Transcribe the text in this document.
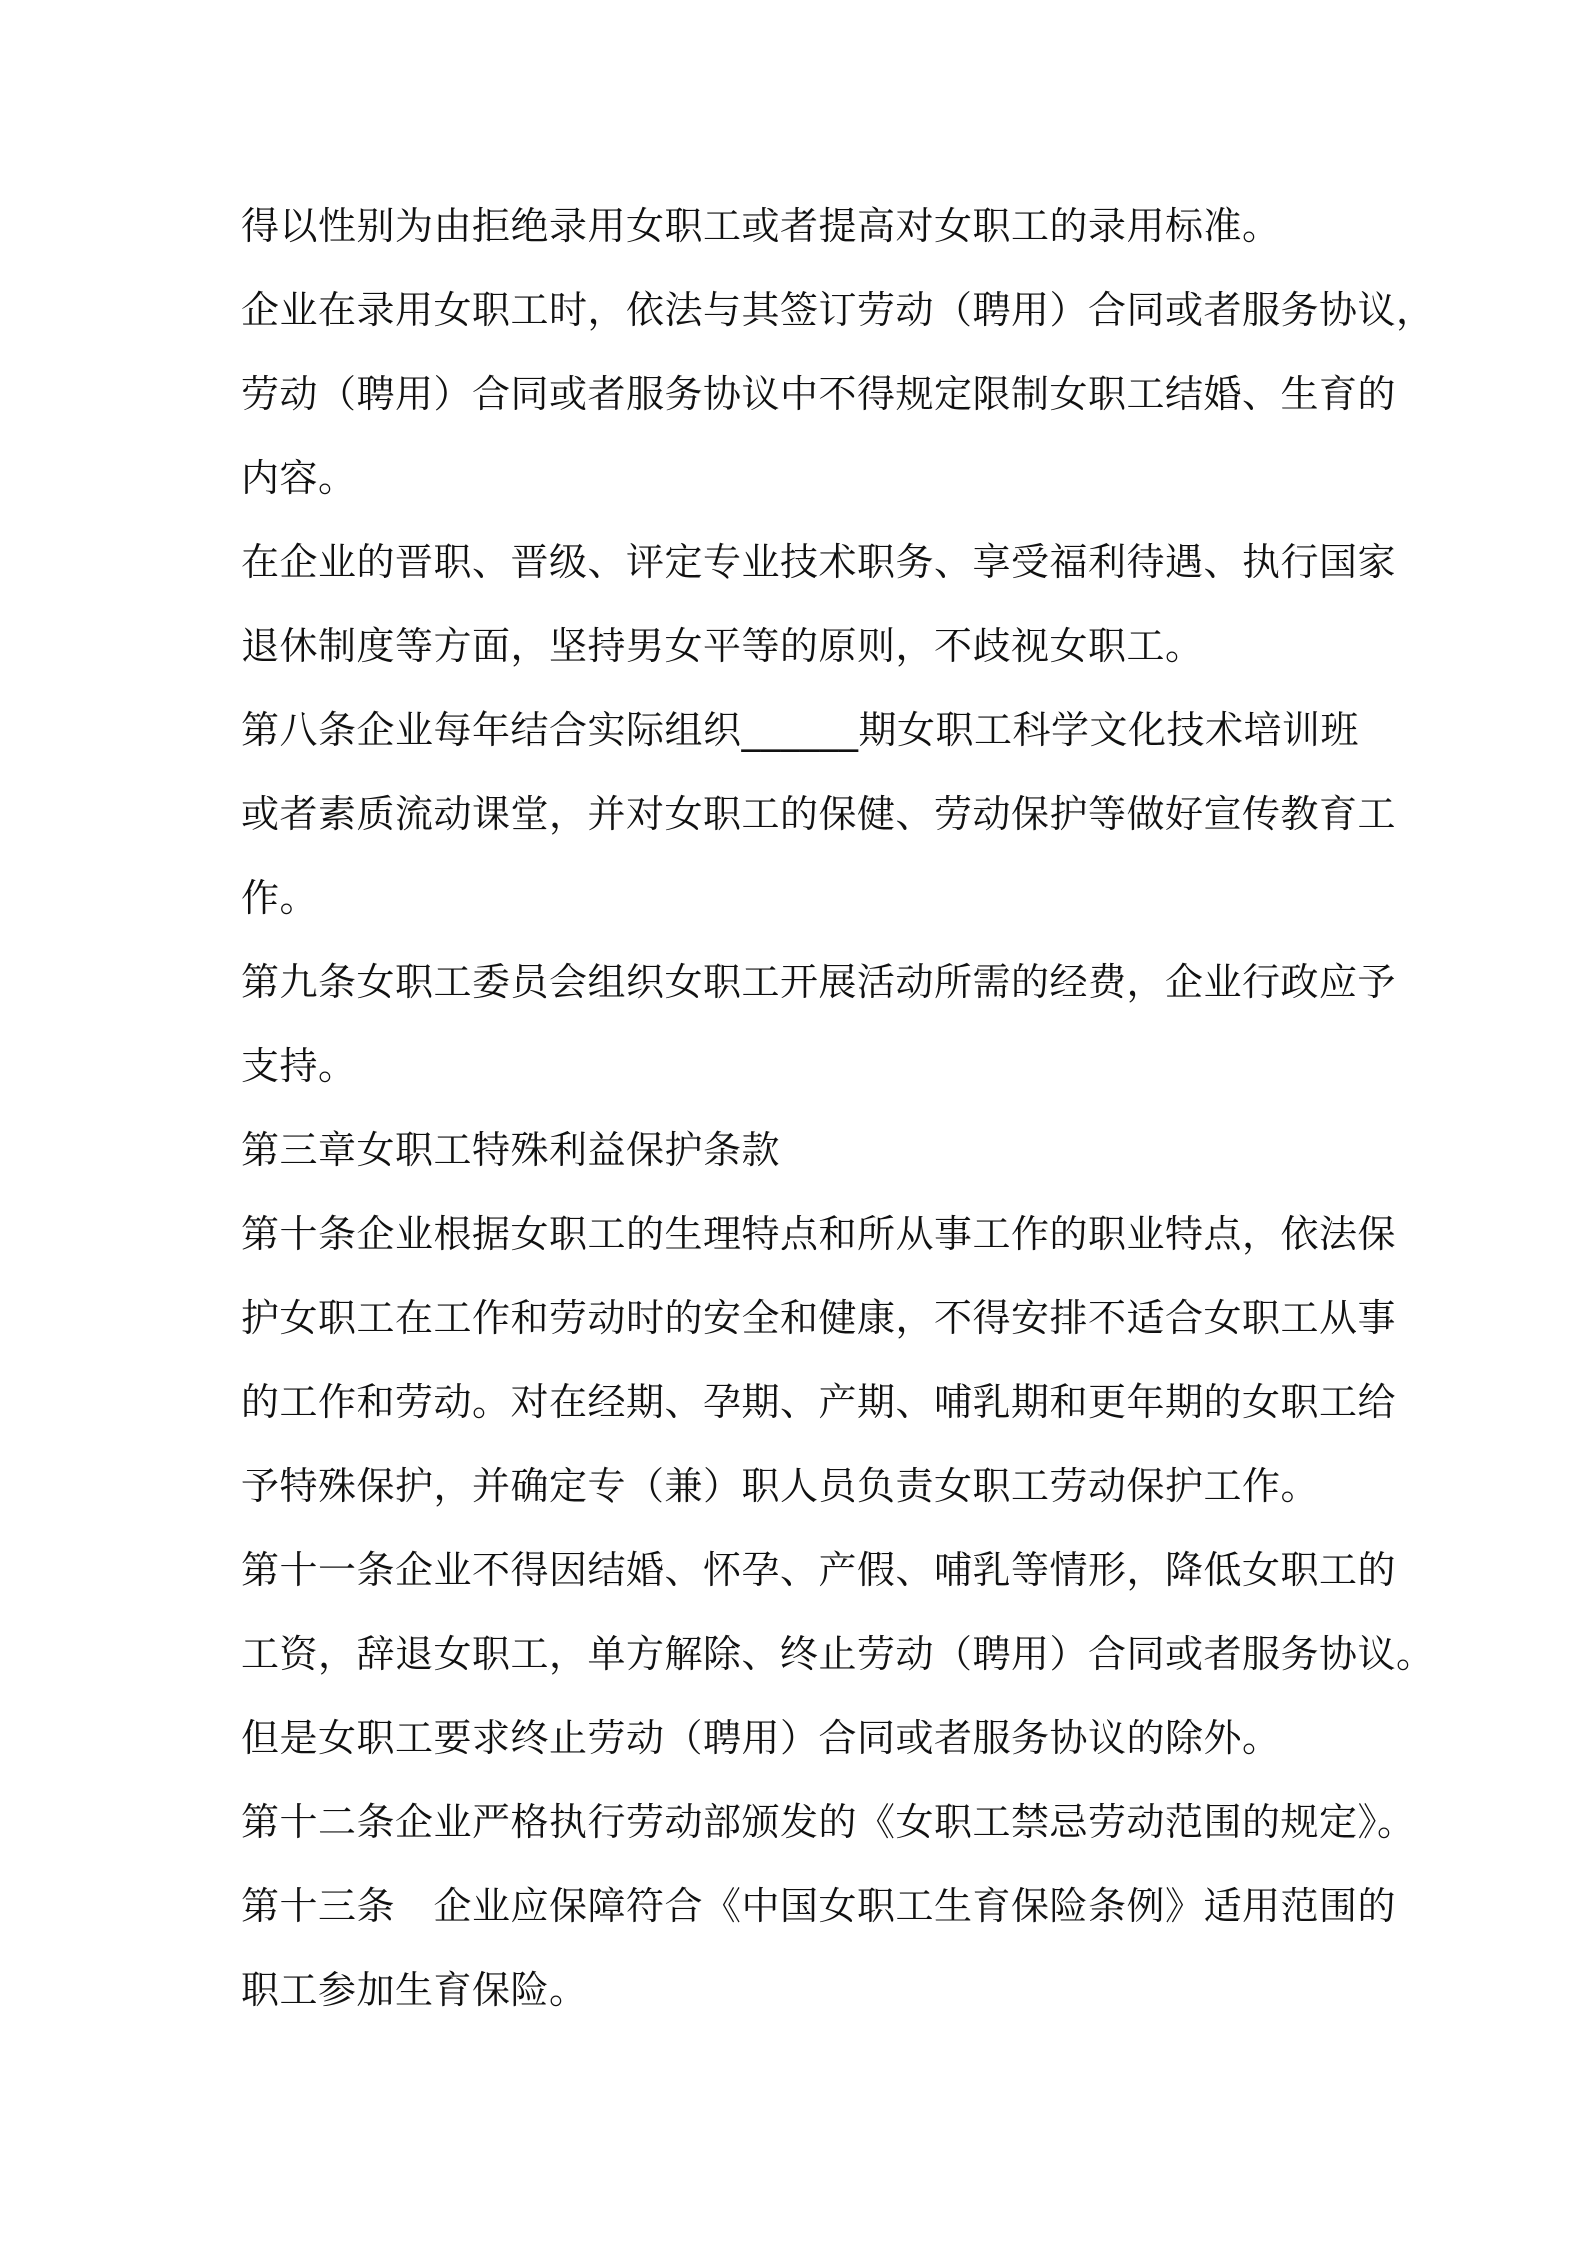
得以性别为由拒绝录用女职工或者提高对女职工的录用标准。
企业在录用女职工时，依法与其签订劳动（聘用）合同或者服务协议，
劳动（聘用）合同或者服务协议中不得规定限制女职工结婚、生育的
内容。
在企业的晋职、晋级、评定专业技术职务、享受福利待遇、执行国家
退休制度等方面，坚持男女平等的原则，不歧视女职工。
第八条企业每年结合实际组织______期女职工科学文化技术培训班
或者素质流动课堂，并对女职工的保健、劳动保护等做好宣传教育工
作。
第九条女职工委员会组织女职工开展活动所需的经费，企业行政应予
支持。
第三章女职工特殊利益保护条款
第十条企业根据女职工的生理特点和所从事工作的职业特点，依法保
护女职工在工作和劳动时的安全和健康，不得安排不适合女职工从事
的工作和劳动。对在经期、孕期、产期、哺乳期和更年期的女职工给
予特殊保护，并确定专（兼）职人员负责女职工劳动保护工作。
第十一条企业不得因结婚、怀孕、产假、哺乳等情形，降低女职工的
工资，辞退女职工，单方解除、终止劳动（聘用）合同或者服务协议。
但是女职工要求终止劳动（聘用）合同或者服务协议的除外。
第十二条企业严格执行劳动部颁发的《女职工禁忌劳动范围的规定》。
第十三条　企业应保障符合《中国女职工生育保险条例》适用范围的
职工参加生育保险。
